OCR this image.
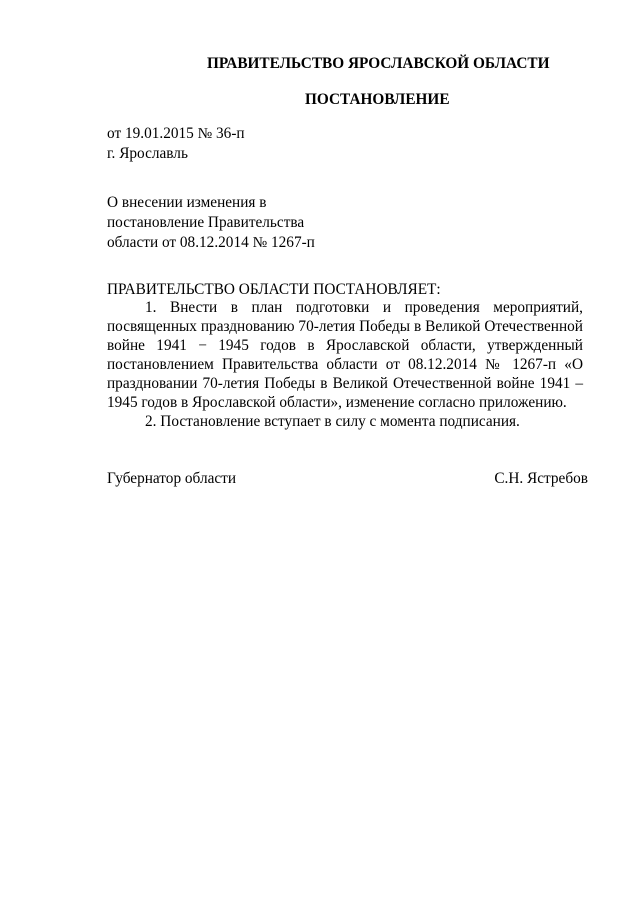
ПРАВИТЕЛЬСТВО ЯРОСЛАВСКОЙ ОБЛАСТИ
ПОСТАНОВЛЕНИЕ
от 19.01.2015 № 36-п
г. Ярославль
О внесении изменения в
постановление Правительства
области от 08.12.2014 № 1267-п
ПРАВИТЕЛЬСТВО ОБЛАСТИ ПОСТАНОВЛЯЕТ:

1. Внести в план подготовки и проведения мероприятий, посвященных празднованию 70-летия Победы в Великой Отечественной войне 1941 − 1945 годов в Ярославской области, утвержденный постановлением Правительства области от 08.12.2014 № 1267-п «О праздновании 70-летия Победы в Великой Отечественной войне 1941 – 1945 годов в Ярославской области», изменение согласно приложению.

2. Постановление вступает в силу с момента подписания.

Губернатор области	С.Н. Ястребов
